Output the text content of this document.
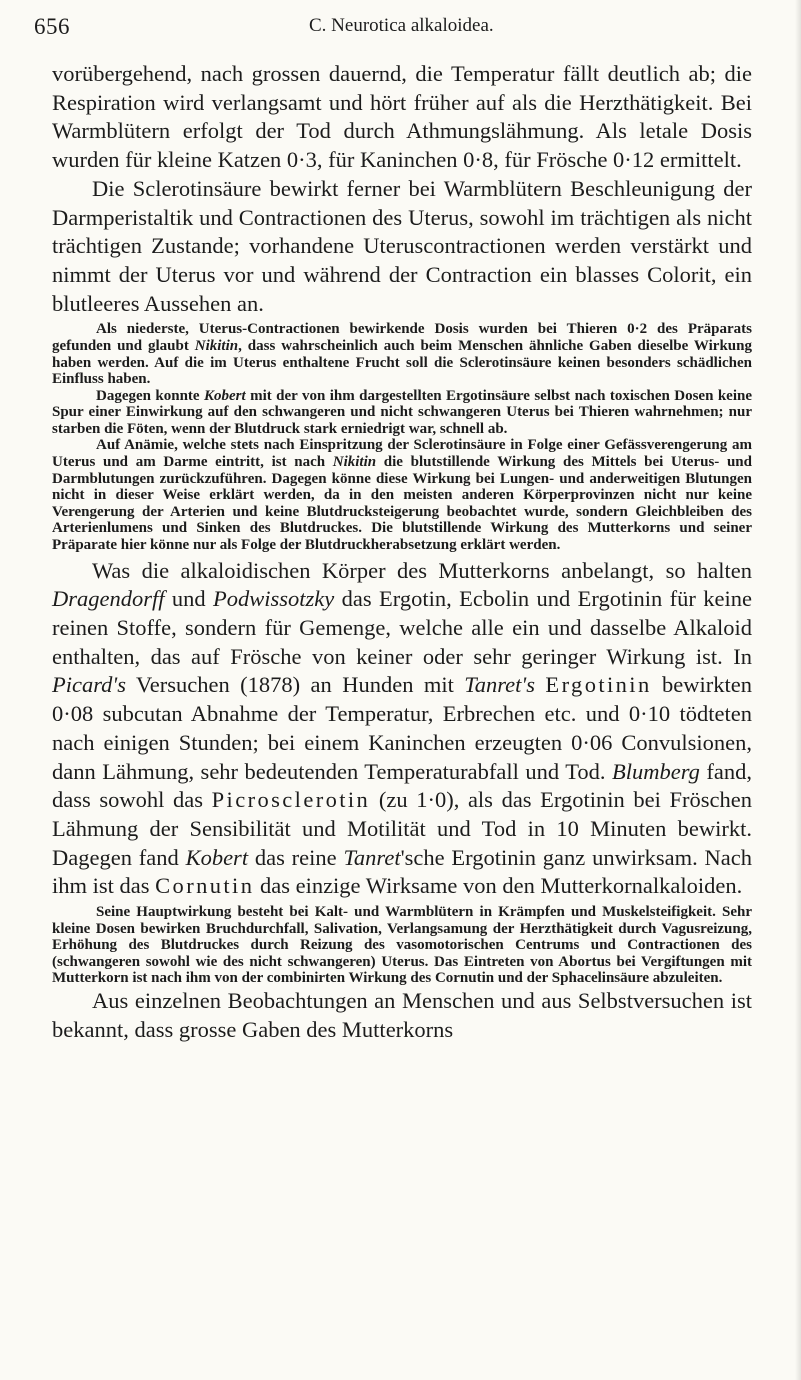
656	C. Neurotica alkaloidea.

vorübergehend, nach grossen dauernd, die Temperatur fällt deutlich ab; die Respiration wird verlangsamt und hört früher auf als die Herzthätigkeit. Bei Warmblütern erfolgt der Tod durch Athmungslähmung. Als letale Dosis wurden für kleine Katzen 0·3, für Kaninchen 0·8, für Frösche 0·12 ermittelt.

Die Sclerotinsäure bewirkt ferner bei Warmblütern Beschleunigung der Darmperistaltik und Contractionen des Uterus, sowohl im trächtigen als nicht trächtigen Zustande; vorhandene Uteruscontractionen werden verstärkt und nimmt der Uterus vor und während der Contraction ein blasses Colorit, ein blutleeres Aussehen an.

Als niederste, Uterus-Contractionen bewirkende Dosis wurden bei Thieren 0·2 des Präparats gefunden und glaubt Nikitin, dass wahrscheinlich auch beim Menschen ähnliche Gaben dieselbe Wirkung haben werden. Auf die im Uterus enthaltene Frucht soll die Sclerotinsäure keinen besonders schädlichen Einfluss haben.

Dagegen konnte Kobert mit der von ihm dargestellten Ergotinsäure selbst nach toxischen Dosen keine Spur einer Einwirkung auf den schwangeren und nicht schwangeren Uterus bei Thieren wahrnehmen; nur starben die Föten, wenn der Blutdruck stark erniedrigt war, schnell ab.

Auf Anämie, welche stets nach Einspritzung der Sclerotinsäure in Folge einer Gefässverengerung am Uterus und am Darme eintritt, ist nach Nikitin die blutstillende Wirkung des Mittels bei Uterus- und Darmblutungen zurückzuführen. Dagegen könne diese Wirkung bei Lungen- und anderweitigen Blutungen nicht in dieser Weise erklärt werden, da in den meisten anderen Körperprovinzen nicht nur keine Verengerung der Arterien und keine Blutdrucksteigerung beobachtet wurde, sondern Gleichbleiben des Arterienlumens und Sinken des Blutdruckes. Die blutstillende Wirkung des Mutterkorns und seiner Präparate hier könne nur als Folge der Blutdruckherabsetzung erklärt werden.

Was die alkaloidischen Körper des Mutterkorns anbelangt, so halten Dragendorff und Podwissotzky das Ergotin, Ecbolin und Ergotinin für keine reinen Stoffe, sondern für Gemenge, welche alle ein und dasselbe Alkaloid enthalten, das auf Frösche von keiner oder sehr geringer Wirkung ist. In Picard's Versuchen (1878) an Hunden mit Tanret's Ergotinin bewirkten 0·08 subcutan Abnahme der Temperatur, Erbrechen etc. und 0·10 tödteten nach einigen Stunden; bei einem Kaninchen erzeugten 0·06 Convulsionen, dann Lähmung, sehr bedeutenden Temperaturabfall und Tod. Blumberg fand, dass sowohl das Picrosclerotin (zu 1·0), als das Ergotinin bei Fröschen Lähmung der Sensibilität und Motilität und Tod in 10 Minuten bewirkt. Dagegen fand Kobert das reine Tanret'sche Ergotinin ganz unwirksam. Nach ihm ist das Cornutin das einzige Wirksame von den Mutterkornalkaloiden.

Seine Hauptwirkung besteht bei Kalt- und Warmblütern in Krämpfen und Muskelsteifigkeit. Sehr kleine Dosen bewirken Bruchdurchfall, Salivation, Verlangsamung der Herzthätigkeit durch Vagusreizung, Erhöhung des Blutdruckes durch Reizung des vasomotorischen Centrums und Contractionen des (schwangeren sowohl wie des nicht schwangeren) Uterus. Das Eintreten von Abortus bei Vergiftungen mit Mutterkorn ist nach ihm von der combinirten Wirkung des Cornutin und der Sphacelinsäure abzuleiten.

Aus einzelnen Beobachtungen an Menschen und aus Selbstversuchen ist bekannt, dass grosse Gaben des Mutterkorns
